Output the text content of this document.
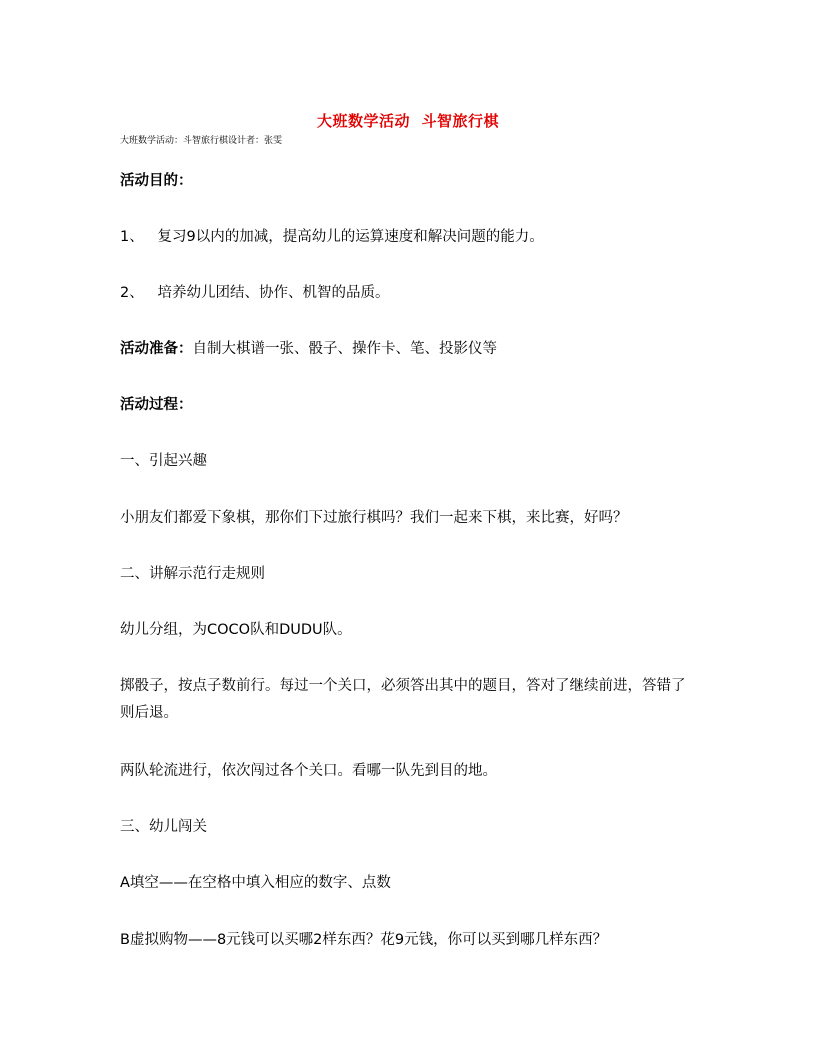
大班数学活动  斗智旅行棋
大班数学活动：斗智旅行棋设计者：张雯
活动目的：
1、   复习9以内的加减，提高幼儿的运算速度和解决问题的能力。
2、   培养幼儿团结、协作、机智的品质。
活动准备：自制大棋谱一张、骰子、操作卡、笔、投影仪等
活动过程：
一、引起兴趣
小朋友们都爱下象棋，那你们下过旅行棋吗？我们一起来下棋，来比赛，好吗？
二、讲解示范行走规则
幼儿分组，为COCO队和DUDU队。
掷骰子，按点子数前行。每过一个关口，必须答出其中的题目，答对了继续前进，答错了则后退。
两队轮流进行，依次闯过各个关口。看哪一队先到目的地。
三、幼儿闯关
A填空——在空格中填入相应的数字、点数
B虚拟购物——8元钱可以买哪2样东西？花9元钱，你可以买到哪几样东西？
